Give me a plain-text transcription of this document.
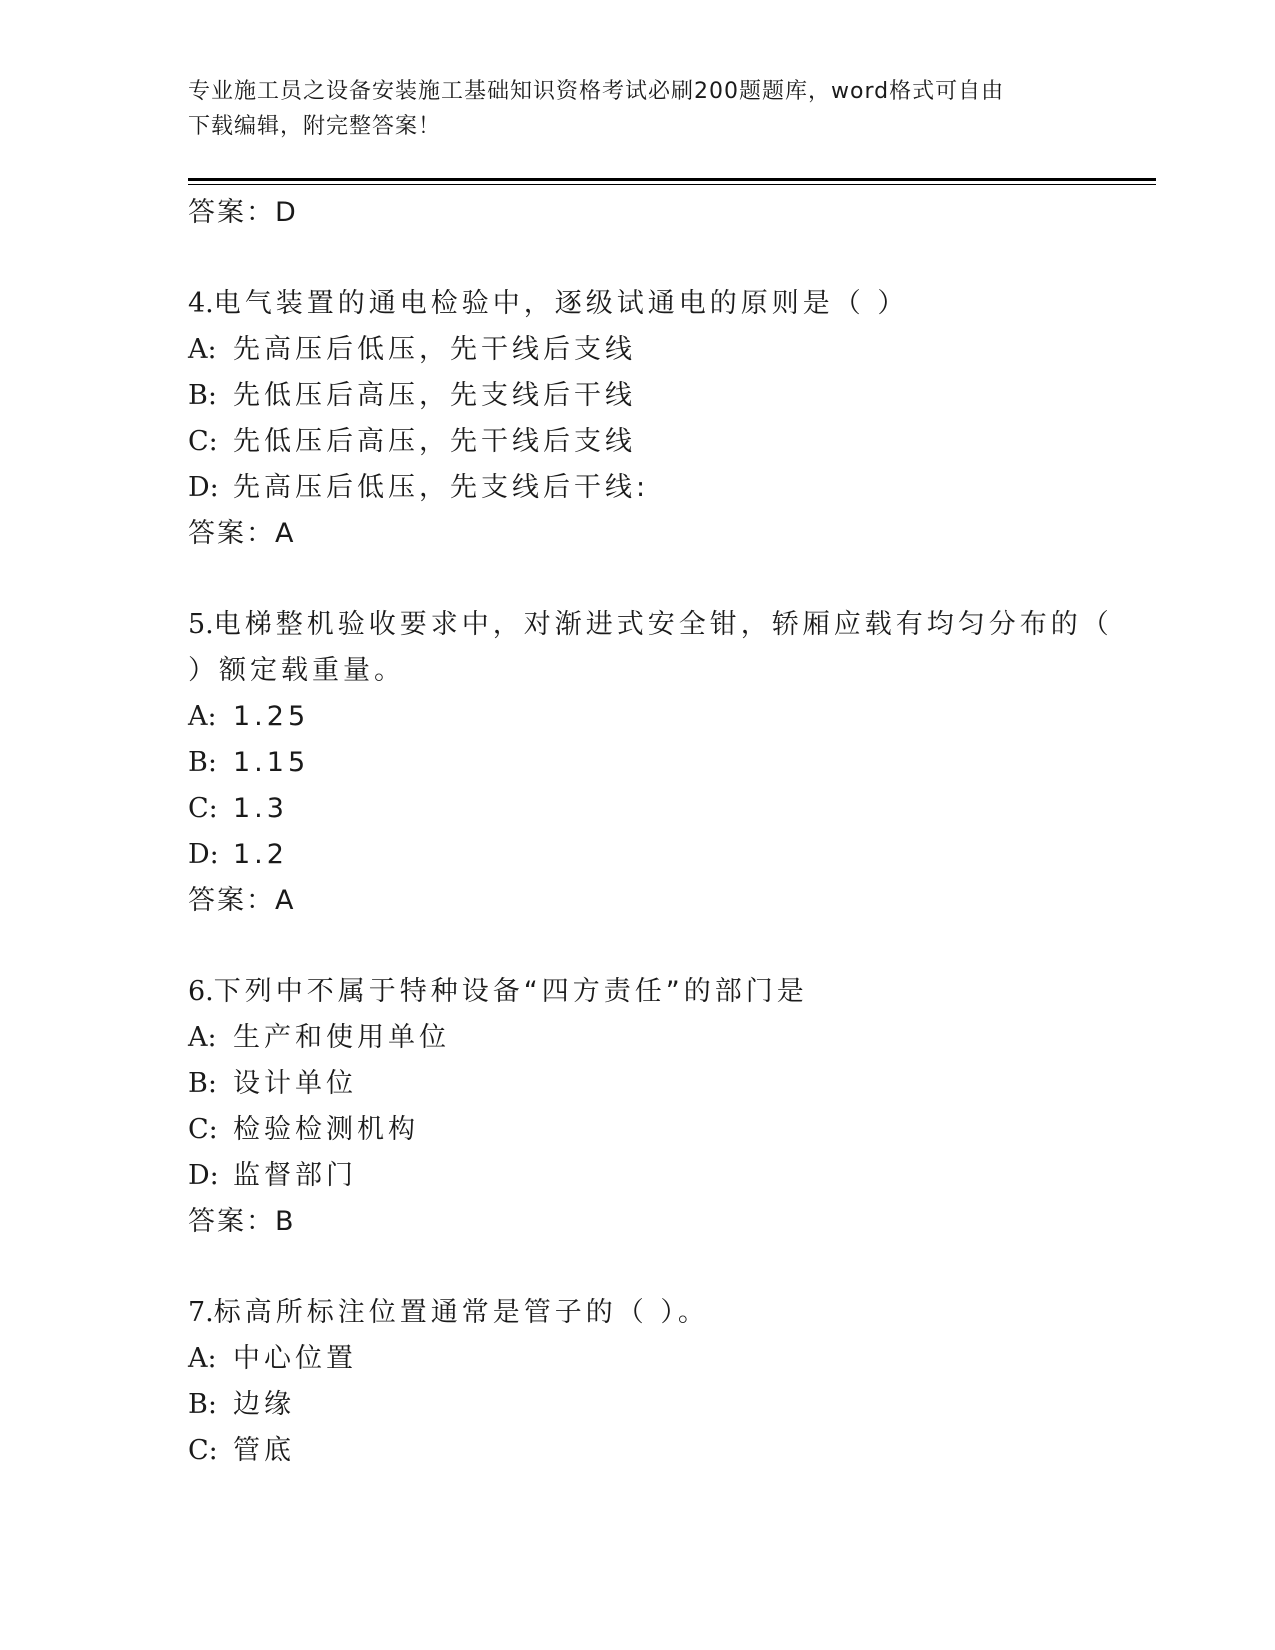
专业施工员之设备安装施工基础知识资格考试必刷200题题库，word格式可自由
下载编辑，附完整答案！
答案：D
4.电气装置的通电检验中，逐级试通电的原则是（ ）
A: 先高压后低压，先干线后支线
B: 先低压后高压，先支线后干线
C: 先低压后高压，先干线后支线
D: 先高压后低压，先支线后干线:
答案：A
5.电梯整机验收要求中，对渐进式安全钳，轿厢应载有均匀分布的（
）额定载重量。
A: 1.25
B: 1.15
C: 1.3
D: 1.2
答案：A
6.下列中不属于特种设备“四方责任”的部门是
A: 生产和使用单位
B: 设计单位
C: 检验检测机构
D: 监督部门
答案：B
7.标高所标注位置通常是管子的（ ）。
A: 中心位置
B: 边缘
C: 管底
